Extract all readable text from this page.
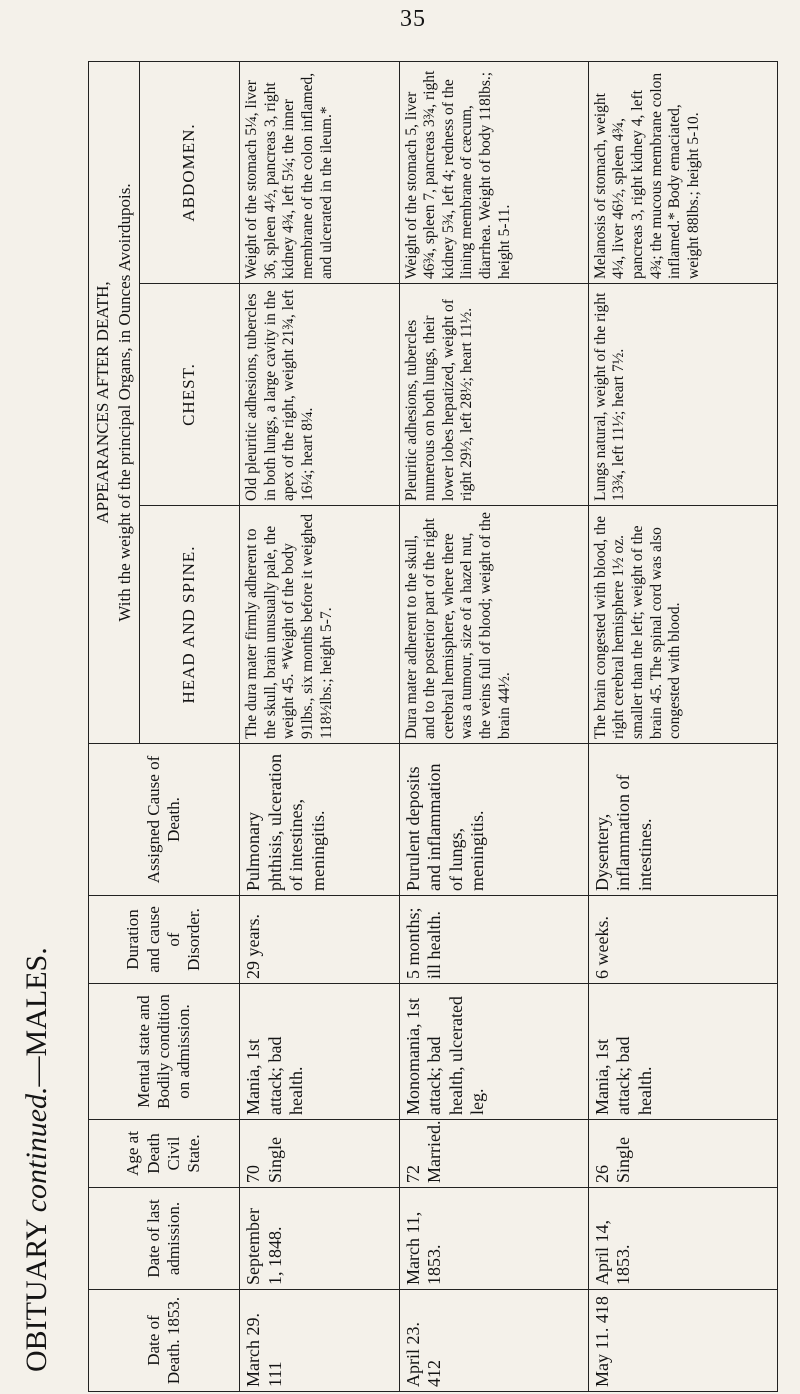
35
OBITUARY continued.—MALES.
Date of Death. 1853.	Date of last admission.	Age at Death Civil State.	Mental state and Bodily condition on admission.	Duration and cause of Disorder.	Assigned Cause of Death.	APPEARANCES AFTER DEATH, With the weight of the principal Organs, in Ounces Avoirdupois.		

						HEAD AND SPINE.	CHEST.	ABDOMEN.
March 29. 111	September 1, 1848.	70 Single	Mania, 1st attack; bad health.	29 years.	Pulmonary phthisis, ulceration of intestines, meningitis.	The dura mater firmly adherent to the skull, brain unusually pale, the weight 45. *Weight of the body 91lbs., six months before it weighed 118½lbs.; height 5-7.	Old pleuritic adhesions, tubercles in both lungs, a large cavity in the apex of the right, weight 21¾, left 16¼; heart 8¼.	Weight of the stomach 5¼, liver 36, spleen 4½, pancreas 3, right kidney 4¾, left 5¼; the inner membrane of the colon inflamed, and ulcerated in the ileum.*
April 23. 412	March 11, 1853.	72 Married.	Monomania, 1st attack; bad health, ulcerated leg.	5 months; ill health.	Purulent deposits and inflammation of lungs, meningitis.	Dura mater adherent to the skull, and to the posterior part of the right cerebral hemisphere, where there was a tumour, size of a hazel nut, the veins full of blood; weight of the brain 44½.	Pleuritic adhesions, tubercles numerous on both lungs, their lower lobes hepatized, weight of right 29½, left 28½; heart 11½.	Weight of the stomach 5, liver 46¾, spleen 7, pancreas 3¾, right kidney 5¾, left 4; redness of the lining membrane of cæcum, diarrhea. Weight of body 118lbs.; height 5-11.
May 11. 418	April 14, 1853.	26 Single	Mania, 1st attack; bad health.	6 weeks.	Dysentery, inflammation of intestines.	The brain congested with blood, the right cerebral hemisphere 1½ oz. smaller than the left; weight of the brain 45. The spinal cord was also congested with blood.	Lungs natural, weight of the right 13¾, left 11½; heart 7½.	Melanosis of stomach, weight 4¼, liver 46½, spleen 4¾, pancreas 3, right kidney 4, left 4¾; the mucous membrane colon inflamed.* Body emaciated, weight 88lbs.; height 5-10.
